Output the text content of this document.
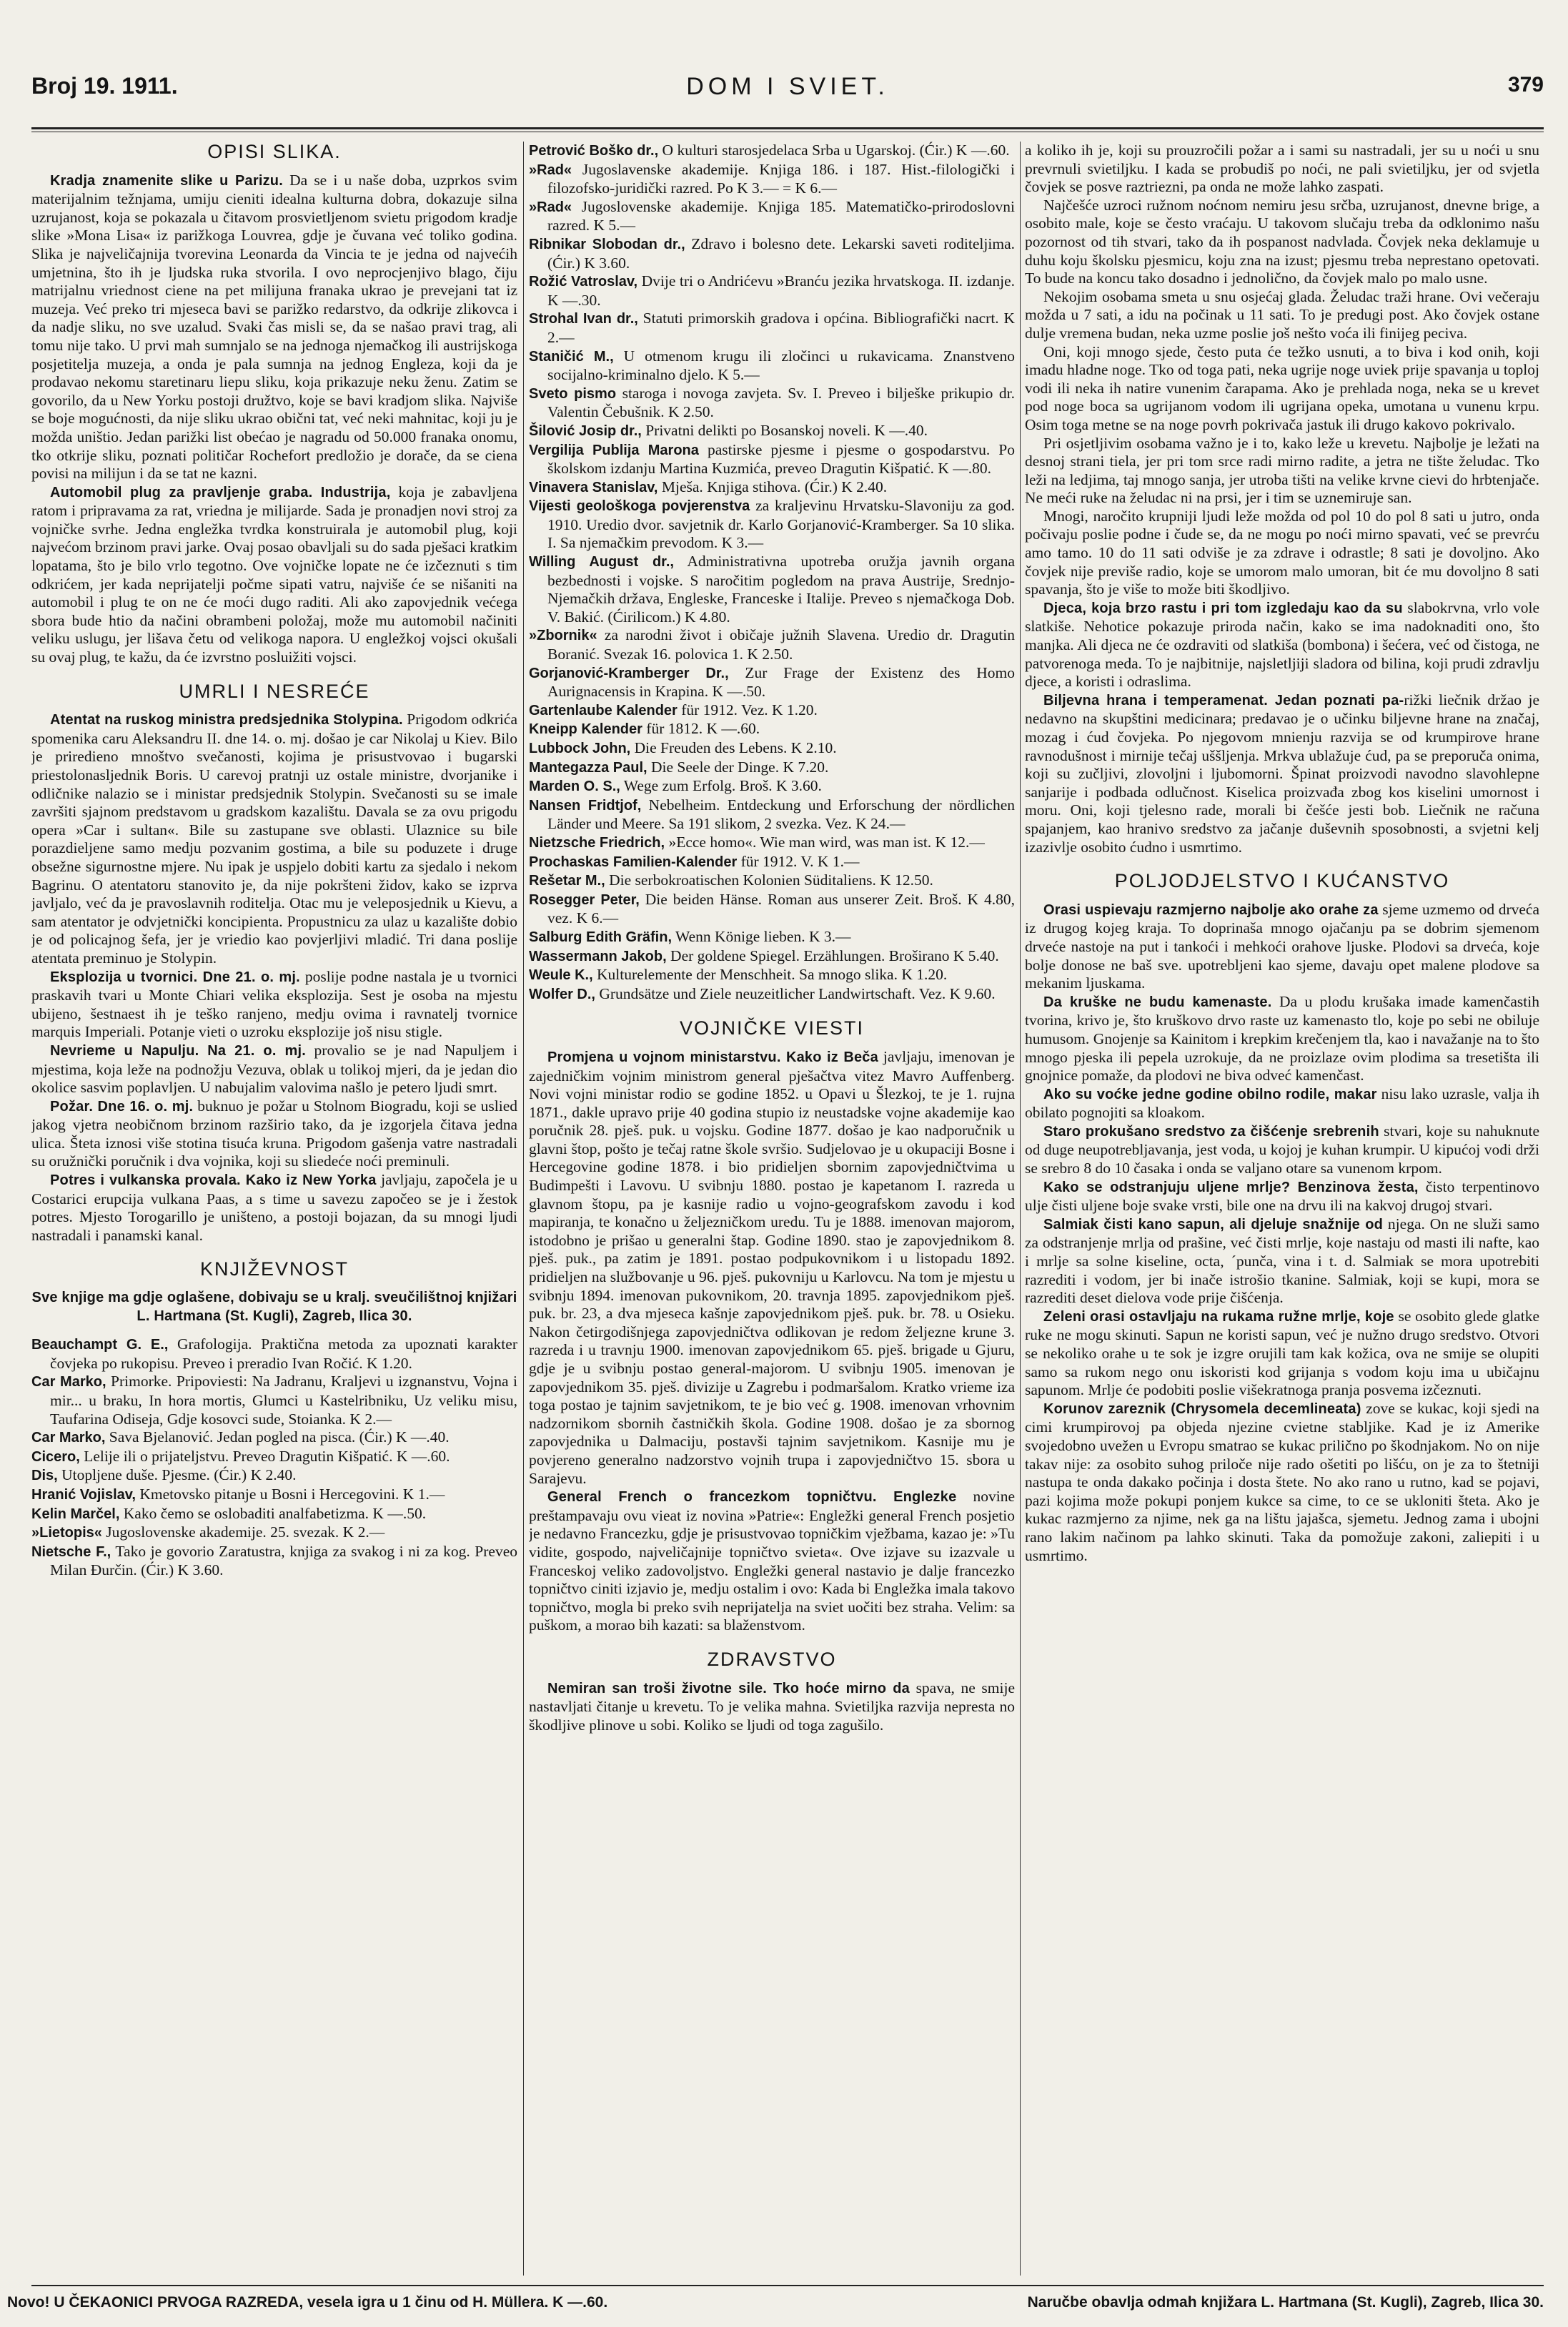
Broj 19. 1911.	DOM I SVIET.	379
OPISI SLIKA.

Kradja znamenite slike u Parizu. Da se i u naše doba, uzprkos svim materijalnim težnjama, umiju cieniti idealna kulturna dobra, dokazuje silna uzrujanost, koja se pokazala u čitavom prosvietljenom svietu prigodom kradje slike »Mona Lisa« iz parižkoga Louvrea, gdje je čuvana već toliko godina. Slika je najveličajnija tvorevina Leonarda da Vincia te je jedna od najvećih umjetnina, što ih je ljudska ruka stvorila. I ovo neprocjenjivo blago, čiju matrijalnu vriednost ciene na pet milijuna franaka ukrao je prevejani tat iz muzeja. Već preko tri mjeseca bavi se parižko redarstvo, da odkrije zlikovca i da nadje sliku, no sve uzalud. Svaki čas misli se, da se našao pravi trag, ali tomu nije tako. U prvi mah sumnjalo se na jednoga njemačkog ili austrijskoga posjetitelja muzeja, a onda je pala sumnja na jednog Engleza, koji da je prodavao nekomu staretinaru liepu sliku, koja prikazuje neku ženu. Zatim se govorilo, da u New Yorku postoji družtvo, koje se bavi kradjom slika. Najviše se boje mogućnosti, da nije sliku ukrao obični tat, već neki mahnitac, koji ju je možda uništio. Jedan parižki list obećao je nagradu od 50.000 franaka onomu, tko otkrije sliku, poznati političar Rochefort predložio je dorače, da se ciena povisi na milijun i da se tat ne kazni.

Automobil plug za pravljenje graba. Industrija, koja je zabavljena ratom i pripravama za rat, vriedna je milijarde. Sada je pronadjen novi stroj za vojničke svrhe. Jedna engležka tvrdka konstruirala je automobil plug, koji najvećom brzinom pravi jarke. Ovaj posao obavljali su do sada pješaci kratkim lopatama, što je bilo vrlo tegotno. Ove vojničke lopate ne će izčeznuti s tim odkrićem, jer kada neprijatelji počme sipati vatru, najviše će se nišaniti na automobil i plug te on ne će moći dugo raditi. Ali ako zapovjednik većega sbora bude htio da načini obrambeni položaj, može mu automobil načiniti veliku uslugu, jer lišava četu od velikoga napora. U engležkoj vojsci okušali su ovaj plug, te kažu, da će izvrstno posluižiti vojsci.

UMRLI I NESREĆE

Atentat na ruskog ministra predsjednika Stolypina. Prigodom odkrića spomenika caru Aleksandru II. dne 14. o. mj. došao je car Nikolaj u Kiev. Bilo je prirediеno mnoštvo svečanosti, kojima je prisustvovao i bugarski priestolonasljednik Boris. U carevoj pratnji uz ostale ministre, dvorjanike i odličnike nalazio se i ministar predsjednik Stolypin. Svečanosti su se imale završiti sjajnom predstavom u gradskom kazalištu. Davala se za ovu prigodu opera »Car i sultan«. Bile su zastupane sve oblasti. Ulaznice su bile porazdieljene samo medju pozvanim gostima, a bile su poduzete i druge obsežne sigurnostne mjere. Nu ipak je uspjelo dobiti kartu za sjedalo i nekom Bagrinu. O atentatoru stanovito je, da nije pokršteni židov, kako se izprva javljalo, već da je pravoslavnih roditelja. Otac mu je veleposjednik u Kievu, a sam atentator je odvjetnički koncipienta. Propustnicu za ulaz u kazalište dobio je od policajnog šefa, jer je vriedio kao povjerljivi mladić. Tri dana poslije atentata preminuo je Stolypin.

Eksplozija u tvornici. Dne 21. o. mj. poslije podne nastala je u tvornici praskavih tvari u Monte Chiari velika eksplozija. Sest je osoba na mjestu ubijeno, šestnaest ih je teško ranjeno, medju ovima i ravnatelj tvornice marquis Imperiali. Potanje vieti o uzroku eksplozije još nisu stigle.

Nevrieme u Napulju. Na 21. o. mj. provalio se je nad Napuljem i mjestima, koja leže na podnožju Vezuva, oblak u tolikoj mjeri, da je jedan dio okolice sasvim poplavljen. U nabujalim valovima našlo je petero ljudi smrt.

Požar. Dne 16. o. mj. buknuo je požar u Stolnom Biogradu, koji se uslied jakog vjetra neobičnom brzinom razširio tako, da je izgorjela čitava jedna ulica. Šteta iznosi više stotina tisuća kruna. Prigodom gašenja vatre nastradali su oružnički poručnik i dva vojnika, koji su sliedeće noći preminuli.

Potres i vulkanska provala. Kako iz New Yorka javljaju, započela je u Costarici erupcija vulkana Paas, a s time u savezu započeo se je i žestok potres. Mjesto Torogarillo je uništeno, a postoji bojazan, da su mnogi ljudi nastradali i panamski kanal.

KNJIŽEVNOST

Sve knjige ma gdje oglašene, dobivaju se u kralj. sveučilištnoj knjižari L. Hartmana (St. Kugli), Zagreb, Ilica 30.

Beauchampt G. E., Grafologija. Praktična metoda za upoznati karakter čovjeka po rukopisu. Preveo i preradio Ivan Ročić. K 1.20.

Car Marko, Primorke. Pripoviesti: Na Jadranu, Kraljevi u izgnanstvu, Vojna i mir... u braku, In hora mortis, Glumci u Kastelribniku, Uz veliku misu, Taufarina Odiseja, Gdje kosovci sude, Stoianka. K 2.—

Car Marko, Sava Bjelanović. Jedan pogled na pisca. (Ćir.) K —.40.

Cicero, Lelije ili o prijateljstvu. Preveo Dragutin Kišpatić. K —.60.

Dis, Utopljene duše. Pjesme. (Ćir.) K 2.40.

Hranić Vojislav, Kmetovsko pitanje u Bosni i Hercegovini. K 1.—

Kelin Marčel, Kako čemo se oslobaditi analfabetizma. K —.50.

»Lietopis« Jugoslovenske akademije. 25. svezak. K 2.—

Nietsche F., Tako je govorio Zaratustra, knjiga za svakog i ni za kog. Preveo Milan Đurčin. (Ćir.) K 3.60.

Petrović Boško dr., O kulturi starosjedelaca Srba u Ugarskoj. (Ćir.) K —.60.

»Rad« Jugoslavenske akademije. Knjiga 186. i 187. Hist.-filologički i filozofsko-juridički razred. Po K 3.— = K 6.—

»Rad« Jugoslovenske akademije. Knjiga 185. Matematičko-prirodoslovni razred. K 5.—

Ribnikar Slobodan dr., Zdravo i bolesno dete. Lekarski saveti roditeljima. (Ćir.) K 3.60.

Rožić Vatroslav, Dvije tri o Andrićevu »Branću jezika hrvatskoga. II. izdanje. K —.30.

Strohal Ivan dr., Statuti primorskih gradova i općina. Bibliografički nacrt. K 2.—

Staničić M., U otmenom krugu ili zločinci u rukavicama. Znanstveno socijalno-kriminalno djelo. K 5.—

Sveto pismo staroga i novoga zavjeta. Sv. I. Preveo i bilješke prikupio dr. Valentin Čebušnik. K 2.50.

Šilović Josip dr., Privatni delikti po Bosanskoj noveli. K —.40.

Vergilija Publija Marona pastirske pjesme i pjesme o gospodarstvu. Po školskom izdanju Martina Kuzmića, preveo Dragutin Kišpatić. K —.80.

Vinavera Stanislav, Mješa. Knjiga stihova. (Ćir.) K 2.40.

Vijesti geološkoga povjerenstva za kraljevinu Hrvatsku-Slavoniju za god. 1910. Uredio dvor. savjetnik dr. Karlo Gorjanović-Kramberger. Sa 10 slika. I. Sa njemačkim prevodom. K 3.—

Willing August dr., Administrativna upotreba oružja javnih organa bezbednosti i vojske. S naročitim pogledom na prava Austrije, Srednjo-Njemačkih država, Engleske, Franceske i Italije. Preveo s njemačkoga Dob. V. Bakić. (Ćirilicom.) K 4.80.

»Zbornik« za narodni život i običaje južnih Slavena. Uredio dr. Dragutin Boranić. Svezak 16. polovica 1. K 2.50.

Gorjanović-Kramberger Dr., Zur Frage der Existenz des Homo Aurignacensis in Krapina. K —.50.

Gartenlaube Kalender für 1912. Vez. K 1.20.

Kneipp Kalender für 1812. K —.60.

Lubbock John, Die Freuden des Lebens. K 2.10.

Mantegazza Paul, Die Seele der Dinge. K 7.20.

Marden O. S., Wege zum Erfolg. Broš. K 3.60.

Nansen Fridtjof, Nebelheim. Entdeckung und Erforschung der nördlichen Länder und Meere. Sa 191 slikom, 2 svezka. Vez. K 24.—

Nietzsche Friedrich, »Ecce homo«. Wie man wird, was man ist. K 12.—

Prochaskas Familien-Kalender für 1912. V. K 1.—

Rešetar M., Die serbokroatischen Kolonien Süditaliens. K 12.50.

Rosegger Peter, Die beiden Hänse. Roman aus unserer Zeit. Broš. K 4.80, vez. K 6.—

Salburg Edith Gräfin, Wenn Könige lieben. K 3.—

Wassermann Jakob, Der goldene Spiegel. Erzählungen. Broširano K 5.40.

Weule K., Kulturelemente der Menschheit. Sa mnogo slika. K 1.20.

Wolfer D., Grundsätze und Ziele neuzeitlicher Landwirtschaft. Vez. K 9.60.

VOJNIČKE VIESTI

Promjena u vojnom ministarstvu. Kako iz Beča javljaju, imenovan je zajedničkim vojnim ministrom general pješačtva vitez Mavro Auffenberg. Novi vojni ministar rodio se godine 1852. u Opavi u Šlezkoj, te je 1. rujna 1871., dakle upravo prije 40 godina stupio iz neustadske vojne akademije kao poručnik 28. pješ. puk. u vojsku. Godine 1877. došao je kao nadporučnik u glavni štop, pošto je tečaj ratne škole svršio. Sudjelovao je u okupaciji Bosne i Hercegovine godine 1878. i bio pridieljen sbornim zapovjedničtvima u Budimpešti i Lavovu. U svibnju 1880. postao je kapetanom I. razreda u glavnom štopu, pa je kasnije radio u vojno-geografskom zavodu i kod mapiranja, te konačno u željezničkom uredu. Tu je 1888. imenovan majorom, istodobno je prišao u generalni štap. Godine 1890. stao je zapovjednikom 8. pješ. puk., pa zatim je 1891. postao podpukovnikom i u listopadu 1892. pridieljen na službovanje u 96. pješ. pukovniju u Karlovcu. Na tom je mjestu u svibnju 1894. imenovan pukovnikom, 20. travnja 1895. zapovjednikom pješ. puk. br. 23, a dva mjeseca kašnje zapovjednikom pješ. puk. br. 78. u Osieku. Nakon četirgodišnjega zapovjedničtva odlikovan je redom željezne krune 3. razreda i u travnju 1900. imenovan zapovjednikom 65. pješ. brigade u Gjuru, gdje je u svibnju postao general-majorom. U svibnju 1905. imenovan je zapovjednikom 35. pješ. divizije u Zagrebu i podmaršalom. Kratko vrieme iza toga postao je tajnim savjetnikom, te je bio već g. 1908. imenovan vrhovnim nadzornikom sbornih častničkih škola. Godine 1908. došao je za sbornog zapovjednika u Dalmaciju, postavši tajnim savjetnikom. Kasnije mu je povjereno generalno nadzorstvo vojnih trupa i zapovjedničtvo 15. sbora u Sarajevu.

General French o francezkom topničtvu. Englezke novine preštampavaju ovu vieat iz novina »Patrie«: Engležki general French posjetio je nedavno Francezku, gdje je prisustvovao topničkim vježbama, kazao je: »Tu vidite, gospodo, najveličajnije topničtvo svieta«. Ove izjave su izazvale u Franceskoj veliko zadovoljstvo. Engležki general nastavio je dalje francezko topničtvo ciniti izjavio je, medju ostalim i ovo: Kada bi Engležka imala takovo topničtvo, mogla bi preko svih neprijatelja na sviet uočiti bez straha. Velim: sa puškom, a morao bih kazati: sa blaženstvom.

ZDRAVSTVO

Nemiran san troši životne sile. Tko hoće mirno da spava, ne smije nastavljati čitanje u krevetu. To je velika mahna. Svietiljka razvija nepresta no škodljive plinove u sobi. Koliko se ljudi od toga zagušilo.

a koliko ih je, koji su prouzročili požar a i sami su nastradali, jer su u noći u snu prevrnuli svietiljku. I kada se probudiš po noći, ne pali svietiljku, jer od svjetla čovjek se posve raztriezni, pa onda ne može lahko zaspati.

Najčešće uzroci ružnom noćnom nemiru jesu srčba, uzrujanost, dnevne brige, a osobito male, koje se često vraćaju. U takovom slučaju treba da odklonimo našu pozornost od tih stvari, tako da ih pospanost nadvlada. Čovjek neka deklamuje u duhu koju školsku pjesmicu, koju zna na izust; pjesmu treba neprestano opetovati. To bude na koncu tako dosadno i jednolično, da čovjek malo po malo usne.

Nekojim osobama smeta u snu osjećaj glada. Želudac traži hrane. Ovi večeraju možda u 7 sati, a idu na počinak u 11 sati. To je predugi post. Ako čovjek ostane dulje vremena budan, neka uzme poslie još nešto voća ili finijeg peciva.

Oni, koji mnogo sjede, često puta će težko usnuti, a to biva i kod onih, koji imadu hladne noge. Tko od toga pati, neka ugrije noge uviek prije spavanja u toploj vodi ili neka ih natire vunenim čarapama. Ako je prehlada noga, neka se u krevet pod noge boca sa ugrijanom vodom ili ugrijana opeka, umotana u vunenu krpu. Osim toga metne se na noge povrh pokrivača jastuk ili drugo kakovo pokrivalo.

Pri osjetljivim osobama važno je i to, kako leže u krevetu. Najbolje je ležati na desnoj strani tiela, jer pri tom srce radi mirno radite, a jetra ne tište želudac. Tko leži na ledjima, taj mnogo sanja, jer utroba tišti na velike krvne ciеvi do hrbtenjače. Ne meći ruke na želudac ni na prsi, jer i tim se uznemiruje san.

Mnogi, naročito krupniji ljudi leže možda od pol 10 do pol 8 sati u jutro, onda počivaju poslie podne i čude se, da ne mogu po noći mirno spavati, već se prevrću amo tamo. 10 do 11 sati odviše je za zdrave i odrastle; 8 sati je dovoljno. Ako čovjek nije previše radio, koje se umorom malo umoran, bit će mu dovoljno 8 sati spavanja, što je više to može biti škodljivo.

Djeca, koja brzo rastu i pri tom izgledaju kao da su slabokrvna, vrlo vole slatkiše. Nehotice pokazuje priroda način, kako se ima nadoknaditi ono, što manjka. Ali djeca ne će ozdraviti od slatkiša (bombona) i šećera, već od čistoga, ne patvorenoga meda. To je najbitnije, najsletljiji sladora od bilina, koji prudi zdravlju djece, a koristi i odraslima.

Biljevna hrana i temperamenat. Jedan poznati pa-rižki liečnik držao je nedavno na skupštini medicinara; predavao je o učinku biljevne hrane na značaj, mozag i ćud čovjeka. Po njegovom mnienju razvija se od krumpirove hrane ravnodušnost i mirnije tečaj uššljenja. Mrkva ublažuje ćud, pa se preporuča onima, koji su zučljivi, zlovoljni i ljubomorni. Špinat proizvodi navodno slavohlepne sanjarije i podbada odlučnost. Kiselica proizvađa zbog kos kiselini umornost i moru. Oni, koji tjelesno rade, morali bi češće jesti bob. Liečnik ne računa spajanjem, kao hranivo sredstvo za jačanje duševnih sposobnosti, a svjetni kelj izazivlje osobito ćudno i usmrtimo.

POLJODJELSTVO I KUĆANSTVO

Orasi uspievaju razmjerno najbolje ako orahe za sjeme uzmemo od drveća iz drugog kojeg kraja. To doprinaša mnogo ojačanju pa se dobrim sjemenom drveće nastoje na put i tankoći i mehkoći orahove ljuske. Plodovi sa drveća, koje bolje donose ne baš sve. upotrebljeni kao sjeme, davaju opet malene plodove sa mekanim ljuskama.

Da kruške ne budu kamenaste. Da u plodu krušaka imade kamenčastih tvorina, krivo je, što kruškovo drvo raste uz kamenasto tlo, koje po sebi ne obiluje humusom. Gnojenje sa Kainitom i krepkim krečenjem tla, kao i navažanje na to što mnogo pjeska ili pepela uzrokuje, da ne proizlaze ovim plodima sa tresetišta ili gnojnice pomaže, da plodovi ne biva odveć kamenčast.

Ako su voćke jedne godine obilno rodile, makar nisu lako uzrasle, valja ih obilato pognojiti sa kloakom.

Staro prokušano sredstvo za čišćenje srebrenih stvari, koje su nahuknute od duge neupotrebljavanja, jest voda, u kojoj je kuhan krumpir. U kipućoj vodi drži se srebro 8 do 10 časaka i onda se valjano otare sa vunenom krpom.

Kako se odstranjuju uljene mrlje? Benzinova žesta, čisto terpentinovo ulje čisti uljene boje svake vrsti, bile one na drvu ili na kakvoj drugoj stvari.

Salmiak čisti kano sapun, ali djeluje snažnije od njega. On ne služi samo za odstranjenje mrlja od prašine, već čisti mrlje, koje nastaju od masti ili nafte, kao i mrlje sa solne kiseline, octa, ´punča, vina i t. d. Salmiak se mora upotrebiti razrediti i vodom, jer bi inače istrošio tkanine. Salmiak, koji se kupi, mora se razrediti deset dielova vode prije čišćenja.

Zeleni orasi ostavljaju na rukama ružne mrlje, koje se osobito glede glatke ruke ne mogu skinuti. Sapun ne koristi sapun, već je nužno drugo sredstvo. Otvori se nekoliko orahe u te sok je izgre orujili tam kak kožica, ova ne smije se olupiti samo sa rukom nego onu iskoristi kod grijanja s vodom koju ima u ubičajnu sapunom. Mrlje će podobiti poslie višekratnoga pranja posvema izčeznuti.

Korunov zareznik (Chrysomela decemlineata) zove se kukac, koji sjedi na cimi krumpirovoj pa objeda njezine cvietne stabljike. Kad je iz Amerike svojedobno uvežen u Evropu smatrao se kukac prilično po škodnjakom. No on nije takav nije: za osobito suhog priloče nije rado ošetiti po lišću, on je za to štetniji nastupa te onda dakako počinja i dosta štete. No ako rano u rutno, kad se pojavi, pazi kojima može pokupi ponjem kukce sa cime, to ce se ukloniti šteta. Ako je kukac razmjerno za njime, nek ga na lištu jajašca, sjemetu. Jednog zama i ubojni rano lakim načinom pa lahko skinuti. Taka da pomožuje zakoni, zaliepiti i u usmrtimo.

Novo! U ČEKAONICI PRVOGA RAZREDA, vesela igra u 1 činu od H. Müllera. K —.60.	Naručbe obavlja odmah knjižara L. Hartmana (St. Kugli), Zagreb, Ilica 30.
